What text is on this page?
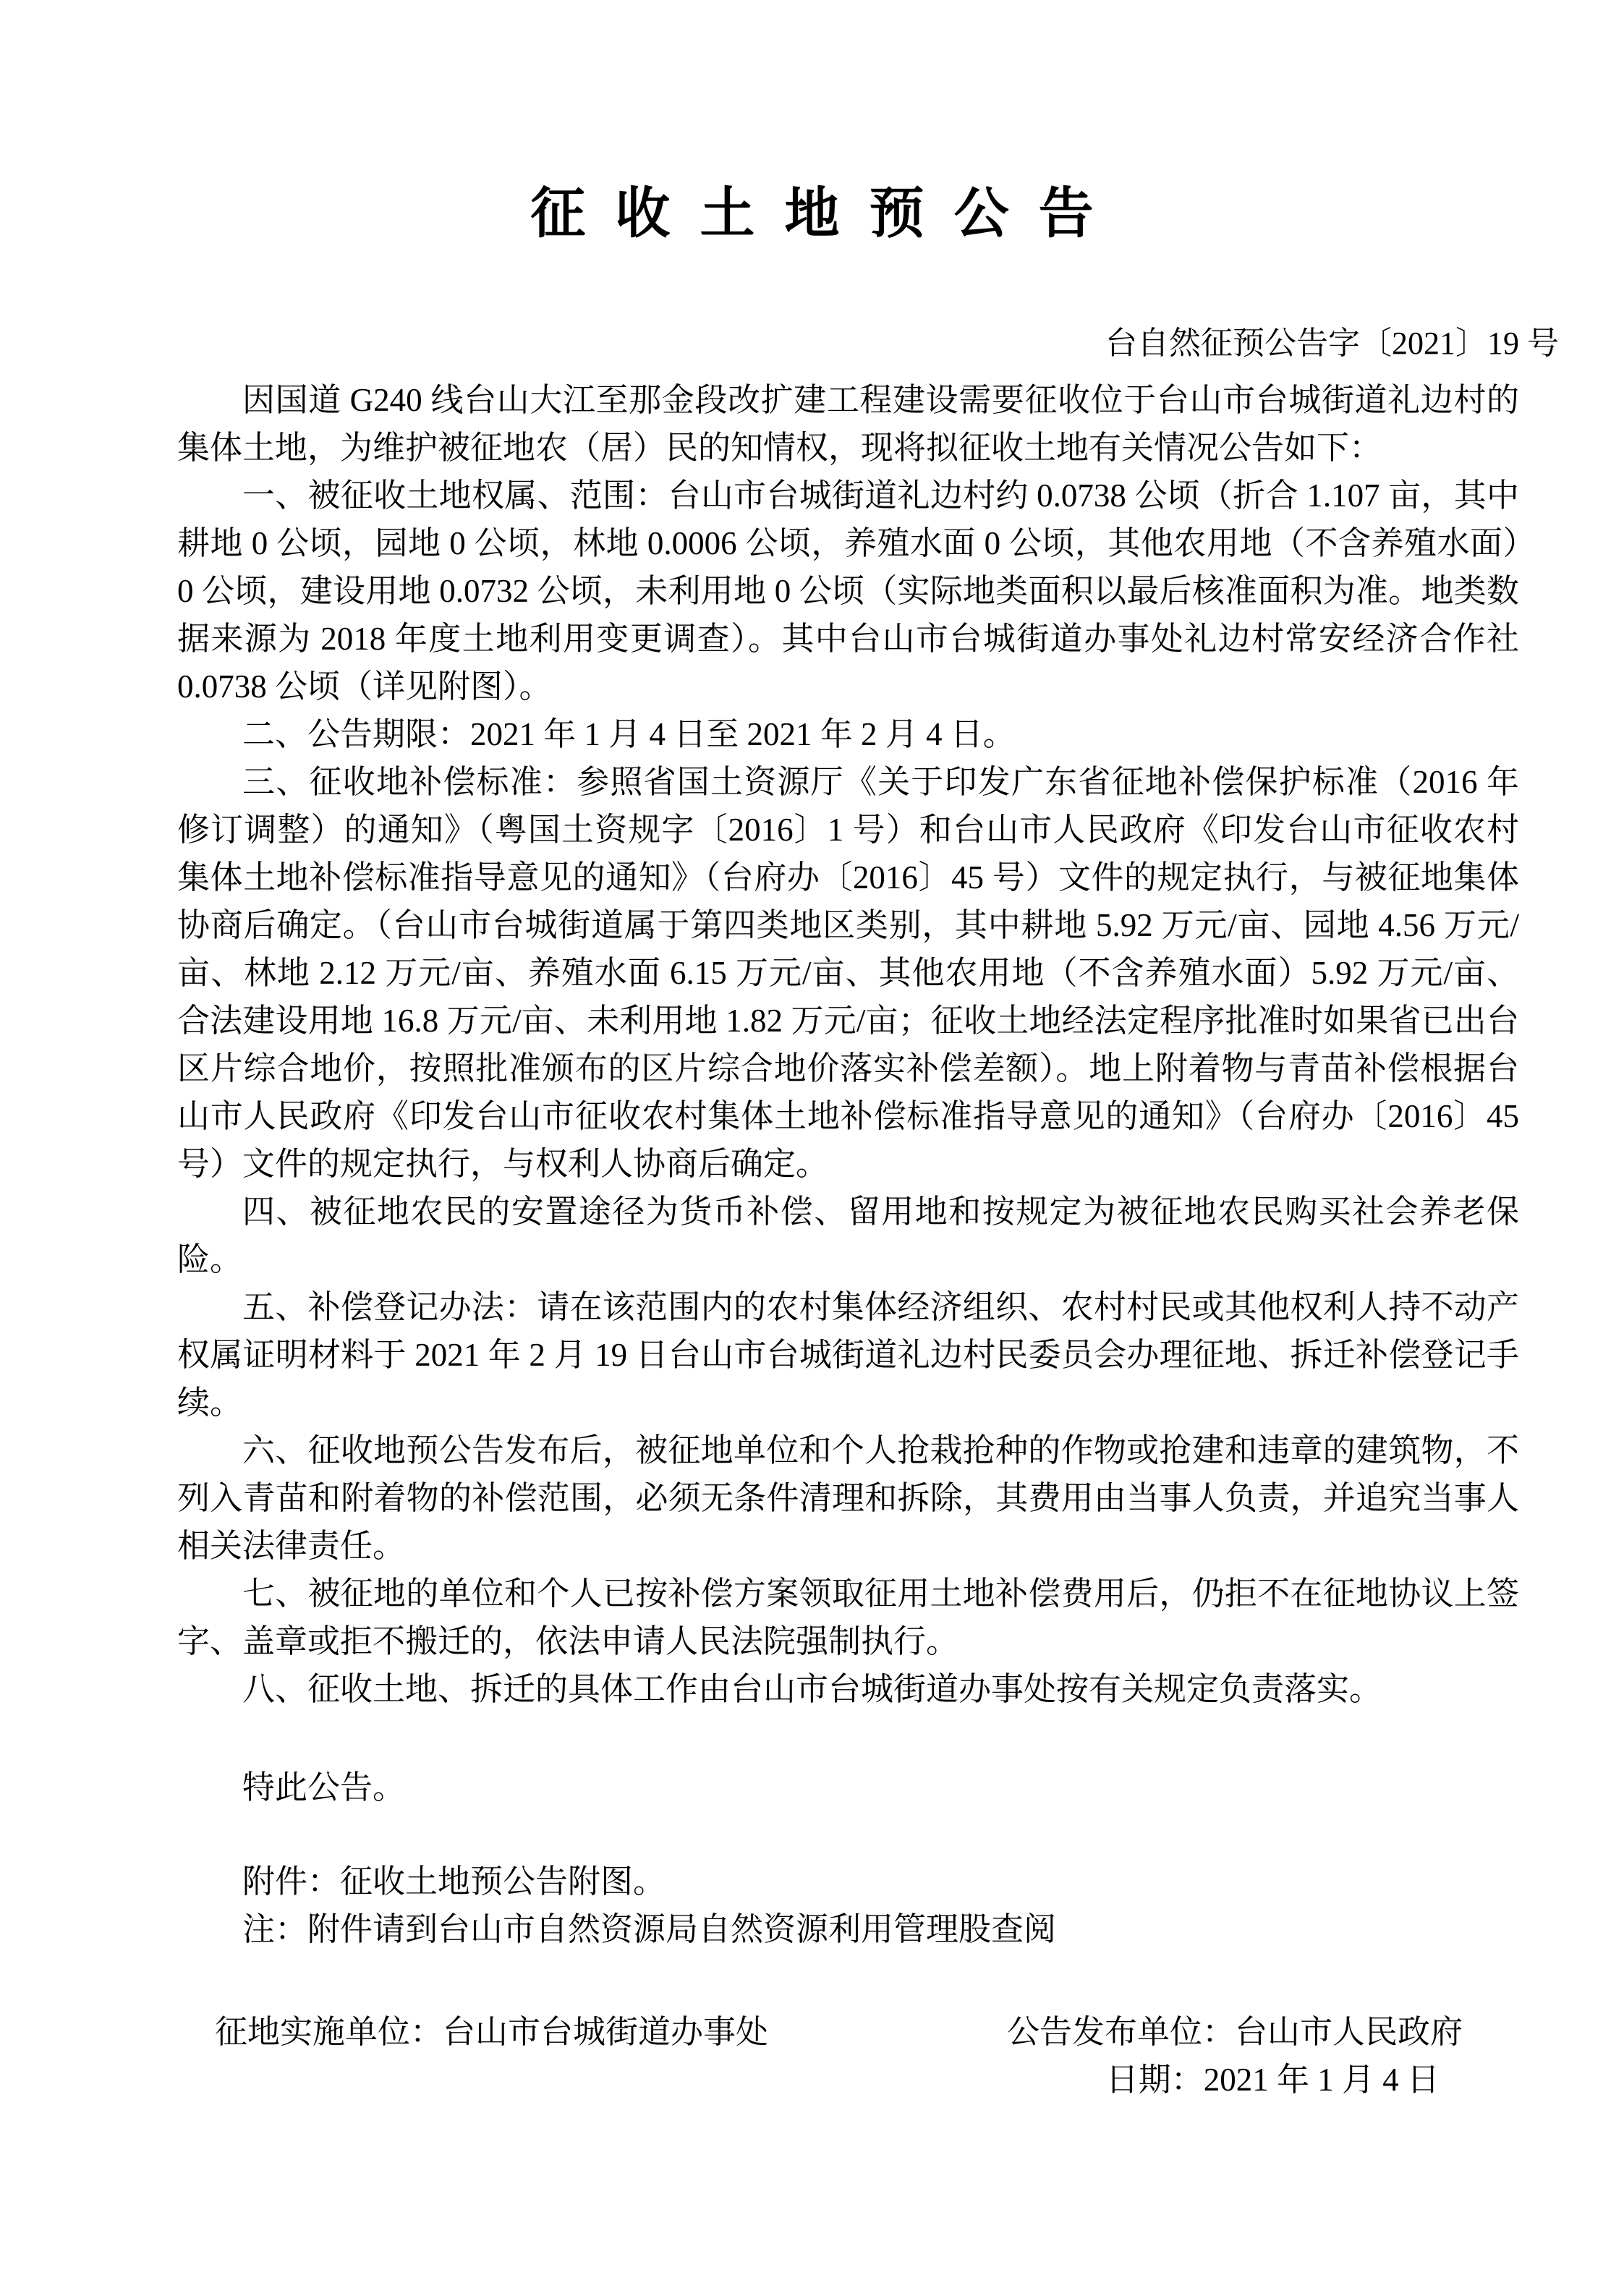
征收土地预公告
台自然征预公告字〔2021〕19 号

因国道 G240 线台山大江至那金段改扩建工程建设需要征收位于台山市台城街道礼边村的集体土地，为维护被征地农（居）民的知情权，现将拟征收土地有关情况公告如下：

一、被征收土地权属、范围：台山市台城街道礼边村约 0.0738 公顷（折合 1.107 亩，其中耕地 0 公顷，园地 0 公顷，林地 0.0006 公顷，养殖水面 0 公顷，其他农用地（不含养殖水面）0 公顷，建设用地 0.0732 公顷，未利用地 0 公顷（实际地类面积以最后核准面积为准。地类数据来源为 2018 年度土地利用变更调查）。其中台山市台城街道办事处礼边村常安经济合作社 0.0738 公顷（详见附图）。

二、公告期限：2021 年 1 月 4 日至 2021 年 2 月 4 日。

三、征收地补偿标准：参照省国土资源厅《关于印发广东省征地补偿保护标准（2016 年修订调整）的通知》（粤国土资规字〔2016〕1 号）和台山市人民政府《印发台山市征收农村集体土地补偿标准指导意见的通知》（台府办〔2016〕45 号）文件的规定执行，与被征地集体协商后确定。（台山市台城街道属于第四类地区类别，其中耕地 5.92 万元/亩、园地 4.56 万元/亩、林地 2.12 万元/亩、养殖水面 6.15 万元/亩、其他农用地（不含养殖水面）5.92 万元/亩、合法建设用地 16.8 万元/亩、未利用地 1.82 万元/亩；征收土地经法定程序批准时如果省已出台区片综合地价，按照批准颁布的区片综合地价落实补偿差额）。地上附着物与青苗补偿根据台山市人民政府《印发台山市征收农村集体土地补偿标准指导意见的通知》（台府办〔2016〕45 号）文件的规定执行，与权利人协商后确定。

四、被征地农民的安置途径为货币补偿、留用地和按规定为被征地农民购买社会养老保险。

五、补偿登记办法：请在该范围内的农村集体经济组织、农村村民或其他权利人持不动产权属证明材料于 2021 年 2 月 19 日台山市台城街道礼边村民委员会办理征地、拆迁补偿登记手续。

六、征收地预公告发布后，被征地单位和个人抢栽抢种的作物或抢建和违章的建筑物，不列入青苗和附着物的补偿范围，必须无条件清理和拆除，其费用由当事人负责，并追究当事人相关法律责任。

七、被征地的单位和个人已按补偿方案领取征用土地补偿费用后，仍拒不在征地协议上签字、盖章或拒不搬迁的，依法申请人民法院强制执行。

八、征收土地、拆迁的具体工作由台山市台城街道办事处按有关规定负责落实。

特此公告。

附件：征收土地预公告附图。

注：附件请到台山市自然资源局自然资源利用管理股查阅

征地实施单位：台山市台城街道办事处	公告发布单位：台山市人民政府

日期：2021 年 1 月 4 日
